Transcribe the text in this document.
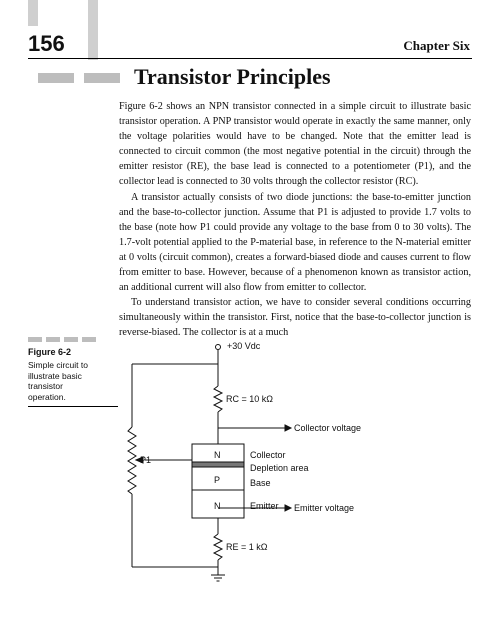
156	Chapter Six
Transistor Principles

Figure 6-2 shows an NPN transistor connected in a simple circuit to illustrate basic transistor operation. A PNP transistor would operate in exactly the same manner, only the voltage polarities would have to be changed. Note that the emitter lead is connected to circuit common (the most negative potential in the circuit) through the emitter resistor (RE), the base lead is connected to a potentiometer (P1), and the collector lead is connected to 30 volts through the collector resistor (RC).

A transistor actually consists of two diode junctions: the base-to-emitter junction and the base-to-collector junction. Assume that P1 is adjusted to provide 1.7 volts to the base (note how P1 could provide any voltage to the base from 0 to 30 volts). The 1.7-volt potential applied to the P-material base, in reference to the N-material emitter at 0 volts (circuit common), creates a forward-biased diode and causes current to flow from emitter to base. However, because of a phenomenon known as transistor action, an additional current will also flow from emitter to collector.

To understand transistor action, we have to consider several conditions occurring simultaneously within the transistor. First, notice that the base-to-collector junction is reverse-biased. The collector is at a much

Figure 6-2
Simple circuit to illustrate basic transistor operation.
+30 Vdc
RC = 10 kΩ
Collector voltage
N
P
N
Collector
Depletion area
Base
Emitter Emitter voltage
P1
RE = 1 kΩ
